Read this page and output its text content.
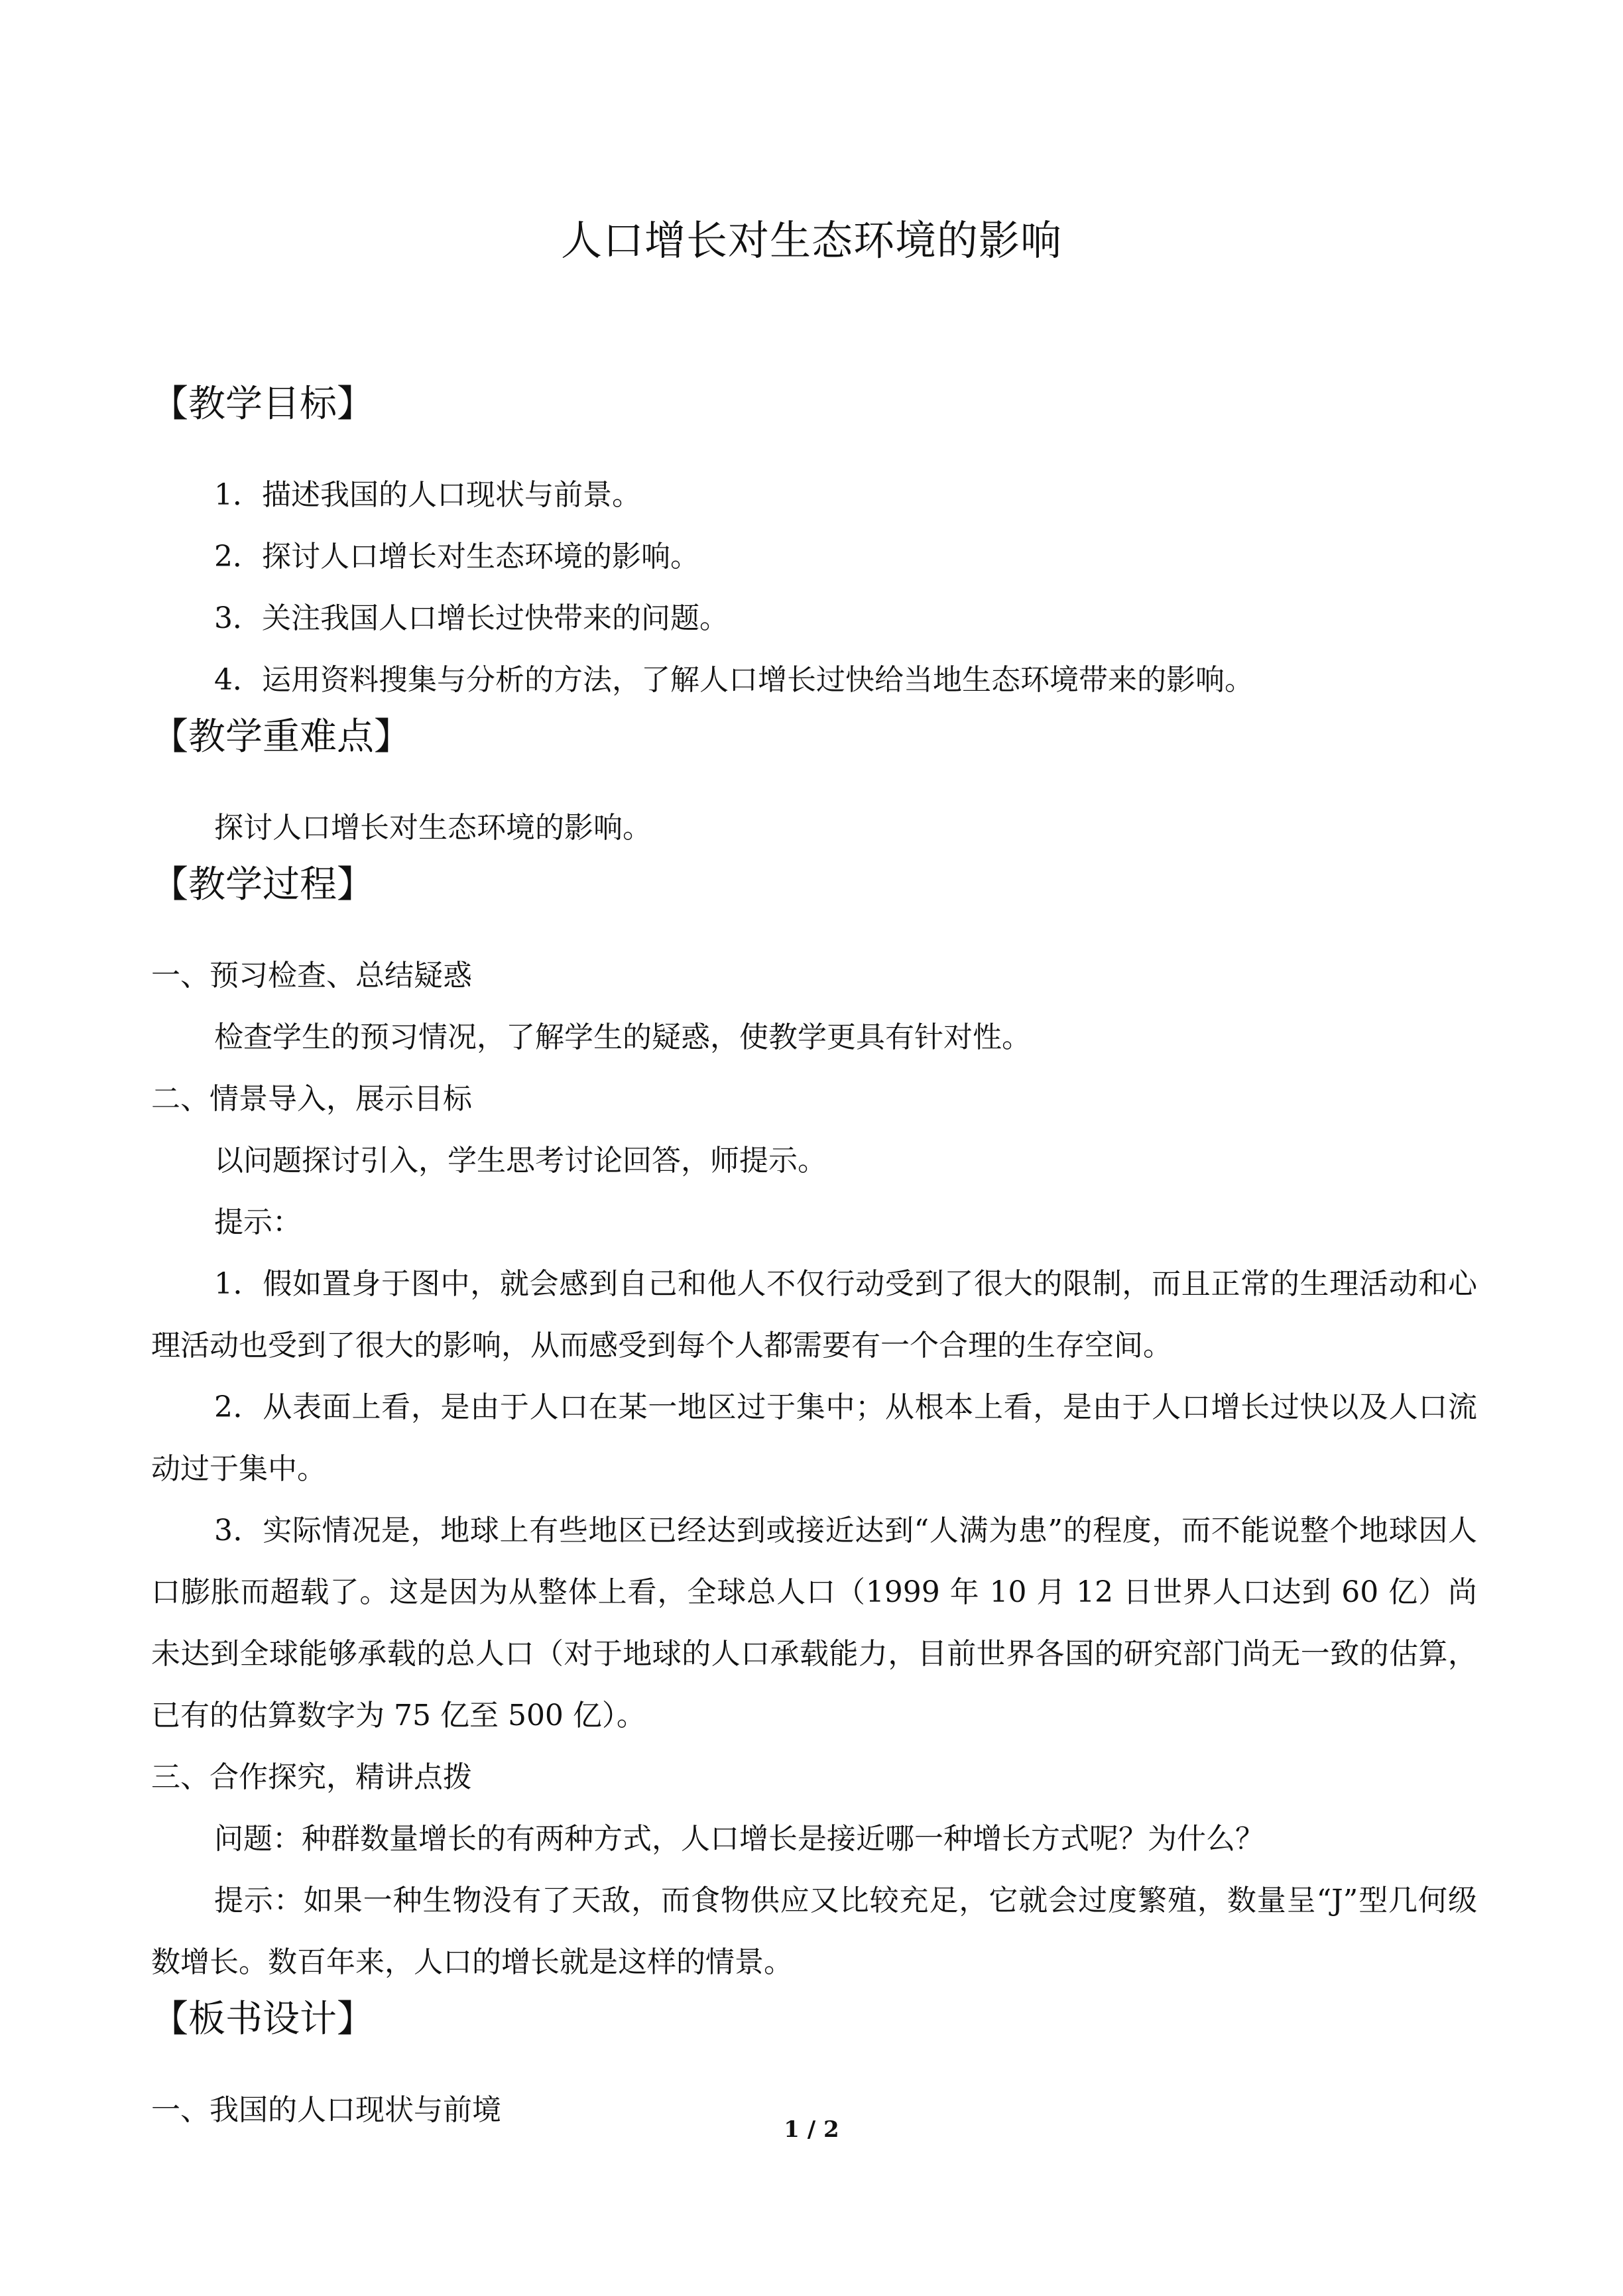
人口增长对生态环境的影响
【教学目标】

1．描述我国的人口现状与前景。

2．探讨人口增长对生态环境的影响。

3．关注我国人口增长过快带来的问题。

4．运用资料搜集与分析的方法，了解人口增长过快给当地生态环境带来的影响。

【教学重难点】

探讨人口增长对生态环境的影响。

【教学过程】

一、预习检查、总结疑惑

检查学生的预习情况，了解学生的疑惑，使教学更具有针对性。

二、情景导入，展示目标

以问题探讨引入，学生思考讨论回答，师提示。

提示：

1．假如置身于图中，就会感到自己和他人不仅行动受到了很大的限制，而且正常的生理活动和心理活动也受到了很大的影响，从而感受到每个人都需要有一个合理的生存空间。

2．从表面上看，是由于人口在某一地区过于集中；从根本上看，是由于人口增长过快以及人口流动过于集中。

3．实际情况是，地球上有些地区已经达到或接近达到“人满为患”的程度，而不能说整个地球因人口膨胀而超载了。这是因为从整体上看，全球总人口（1999 年 10 月 12 日世界人口达到 60 亿）尚未达到全球能够承载的总人口（对于地球的人口承载能力，目前世界各国的研究部门尚无一致的估算，已有的估算数字为 75 亿至 500 亿）。

三、合作探究，精讲点拨

问题：种群数量增长的有两种方式，人口增长是接近哪一种增长方式呢？为什么？

提示：如果一种生物没有了天敌，而食物供应又比较充足，它就会过度繁殖，数量呈“J”型几何级数增长。数百年来，人口的增长就是这样的情景。

【板书设计】

一、我国的人口现状与前境

1 / 2
